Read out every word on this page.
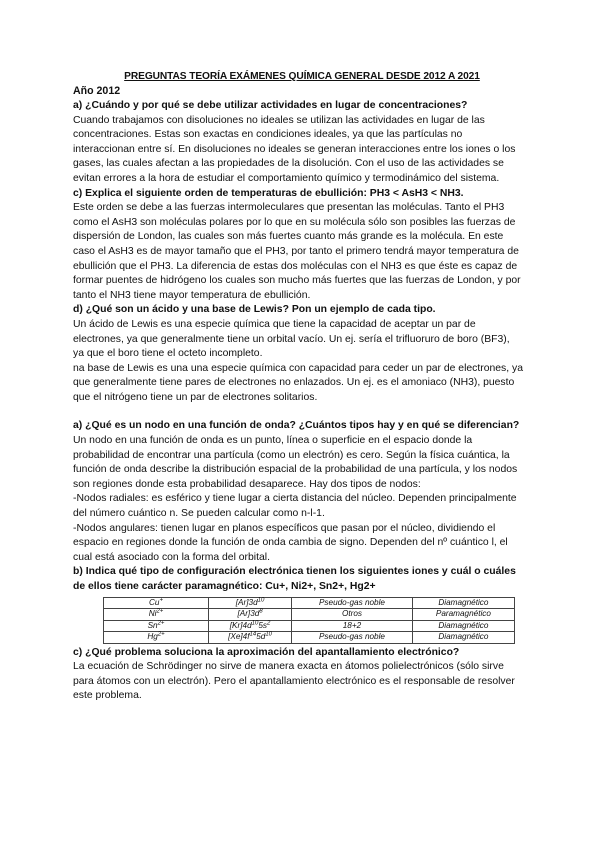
PREGUNTAS TEORÍA EXÁMENES QUÍMICA GENERAL DESDE 2012 A 2021
Año 2012
a) ¿Cuándo y por qué se debe utilizar actividades en lugar de concentraciones?
Cuando trabajamos con disoluciones no ideales se utilizan las actividades en lugar de las concentraciones. Estas son exactas en condiciones ideales, ya que las partículas no interaccionan entre sí. En disoluciones no ideales se generan interacciones entre los iones o los gases, las cuales afectan a las propiedades de la disolución. Con el uso de las actividades se evitan errores a la hora de estudiar el comportamiento químico y termodinámico del sistema.
c) Explica el siguiente orden de temperaturas de ebullición: PH3 < AsH3 < NH3.
Este orden se debe a las fuerzas intermoleculares que presentan las moléculas. Tanto el PH3 como el AsH3 son moléculas polares por lo que en su molécula sólo son posibles las fuerzas de dispersión de London, las cuales son más fuertes cuanto más grande es la molécula. En este caso el AsH3 es de mayor tamaño que el PH3, por tanto el primero tendrá mayor temperatura de ebullición que el PH3. La diferencia de estas dos moléculas con el NH3 es que éste es capaz de formar puentes de hidrógeno los cuales son mucho más fuertes que las fuerzas de London, y por tanto el NH3 tiene mayor temperatura de ebullición.
d) ¿Qué son un ácido y una base de Lewis? Pon un ejemplo de cada tipo.
Un ácido de Lewis es una especie química que tiene la capacidad de aceptar un par de electrones, ya que generalmente tiene un orbital vacío. Un ej. sería el trifluoruro de boro (BF3), ya que el boro tiene el octeto incompleto.
na base de Lewis es una una especie química con capacidad para ceder un par de electrones, ya que generalmente tiene pares de electrones no enlazados. Un ej. es el amoniaco (NH3), puesto que el nitrógeno tiene un par de electrones solitarios.
a) ¿Qué es un nodo en una función de onda? ¿Cuántos tipos hay y en qué se diferencian?
Un nodo en una función de onda es un punto, línea o superficie en el espacio donde la probabilidad de encontrar una partícula (como un electrón) es cero. Según la física cuántica, la función de onda describe la distribución espacial de la probabilidad de una partícula, y los nodos son regiones donde esta probabilidad desaparece. Hay dos tipos de nodos:
-Nodos radiales: es esférico y tiene lugar a cierta distancia del núcleo. Dependen principalmente del número cuántico n. Se pueden calcular como n-l-1.
-Nodos angulares: tienen lugar en planos específicos que pasan por el núcleo, dividiendo el espacio en regiones donde la función de onda cambia de signo. Dependen del nº cuántico l, el cual está asociado con la forma del orbital.
b) Indica qué tipo de configuración electrónica tienen los siguientes iones y cuál o cuáles de ellos tiene carácter paramagnético: Cu+, Ni2+, Sn2+, Hg2+
Cu+	$[Ar]3d^{10}$	Pseudo-gas noble	Diamagnético
$Ni^{2+}$	$[Ar]3d^8$	Otros	Paramagnético
$Sn^{2+}$	$[Kr]4d^{10}5s^2$	18+2	Diamagnético
$Hg^{2+}$	$[Xe]4f^{14}5d^{10}$	Pseudo-gas noble	Diamagnético
c) ¿Qué problema soluciona la aproximación del apantallamiento electrónico?
La ecuación de Schrödinger no sirve de manera exacta en átomos polielectrónicos (sólo sirve para átomos con un electrón). Pero el apantallamiento electrónico es el responsable de resolver este problema.
